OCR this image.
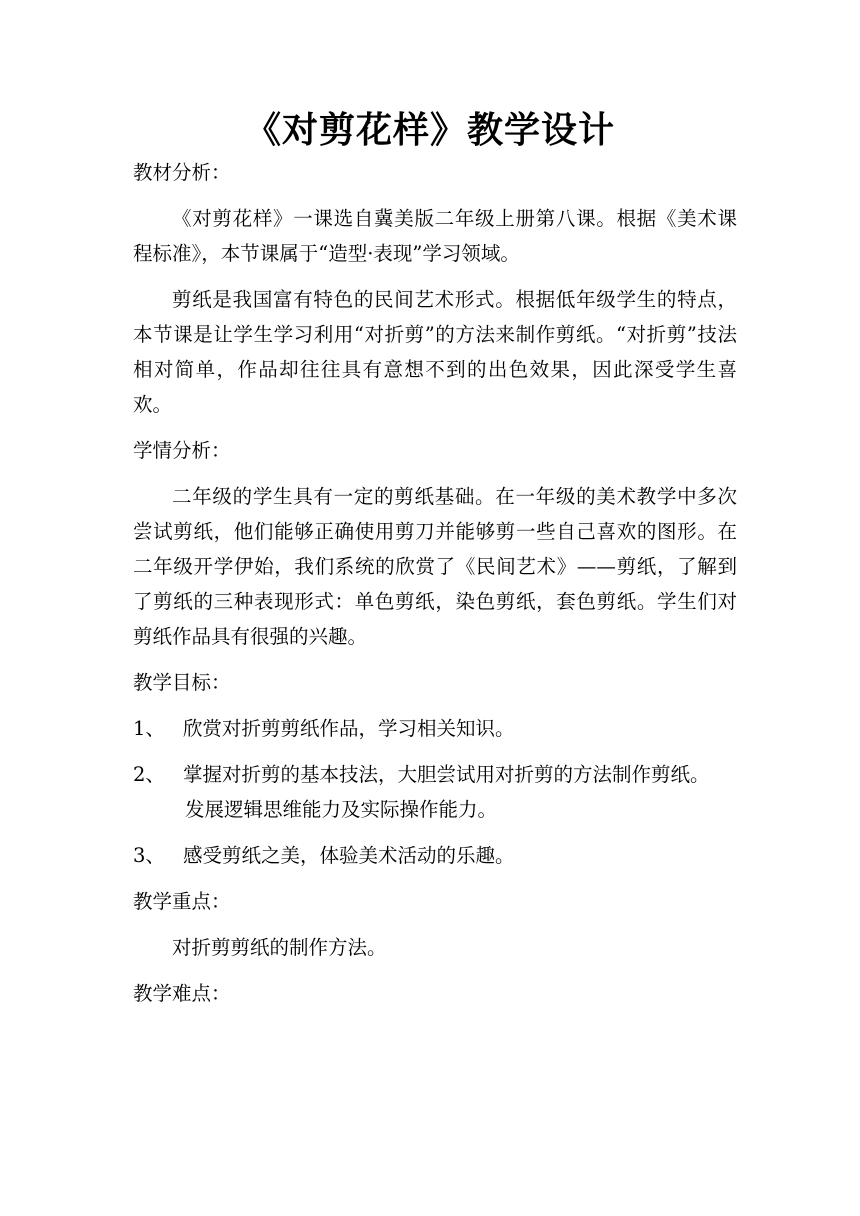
《对剪花样》教学设计
教材分析：
《对剪花样》一课选自冀美版二年级上册第八课。根据《美术课程标准》，本节课属于“造型·表现”学习领域。
剪纸是我国富有特色的民间艺术形式。根据低年级学生的特点，本节课是让学生学习利用“对折剪”的方法来制作剪纸。“对折剪”技法相对简单，作品却往往具有意想不到的出色效果，因此深受学生喜欢。
学情分析：
二年级的学生具有一定的剪纸基础。在一年级的美术教学中多次尝试剪纸，他们能够正确使用剪刀并能够剪一些自己喜欢的图形。在二年级开学伊始，我们系统的欣赏了《民间艺术》——剪纸，了解到了剪纸的三种表现形式：单色剪纸，染色剪纸，套色剪纸。学生们对剪纸作品具有很强的兴趣。
教学目标：
1、 欣赏对折剪剪纸作品，学习相关知识。
2、 掌握对折剪的基本技法，大胆尝试用对折剪的方法制作剪纸。
发展逻辑思维能力及实际操作能力。
3、 感受剪纸之美，体验美术活动的乐趣。
教学重点：
对折剪剪纸的制作方法。
教学难点：
